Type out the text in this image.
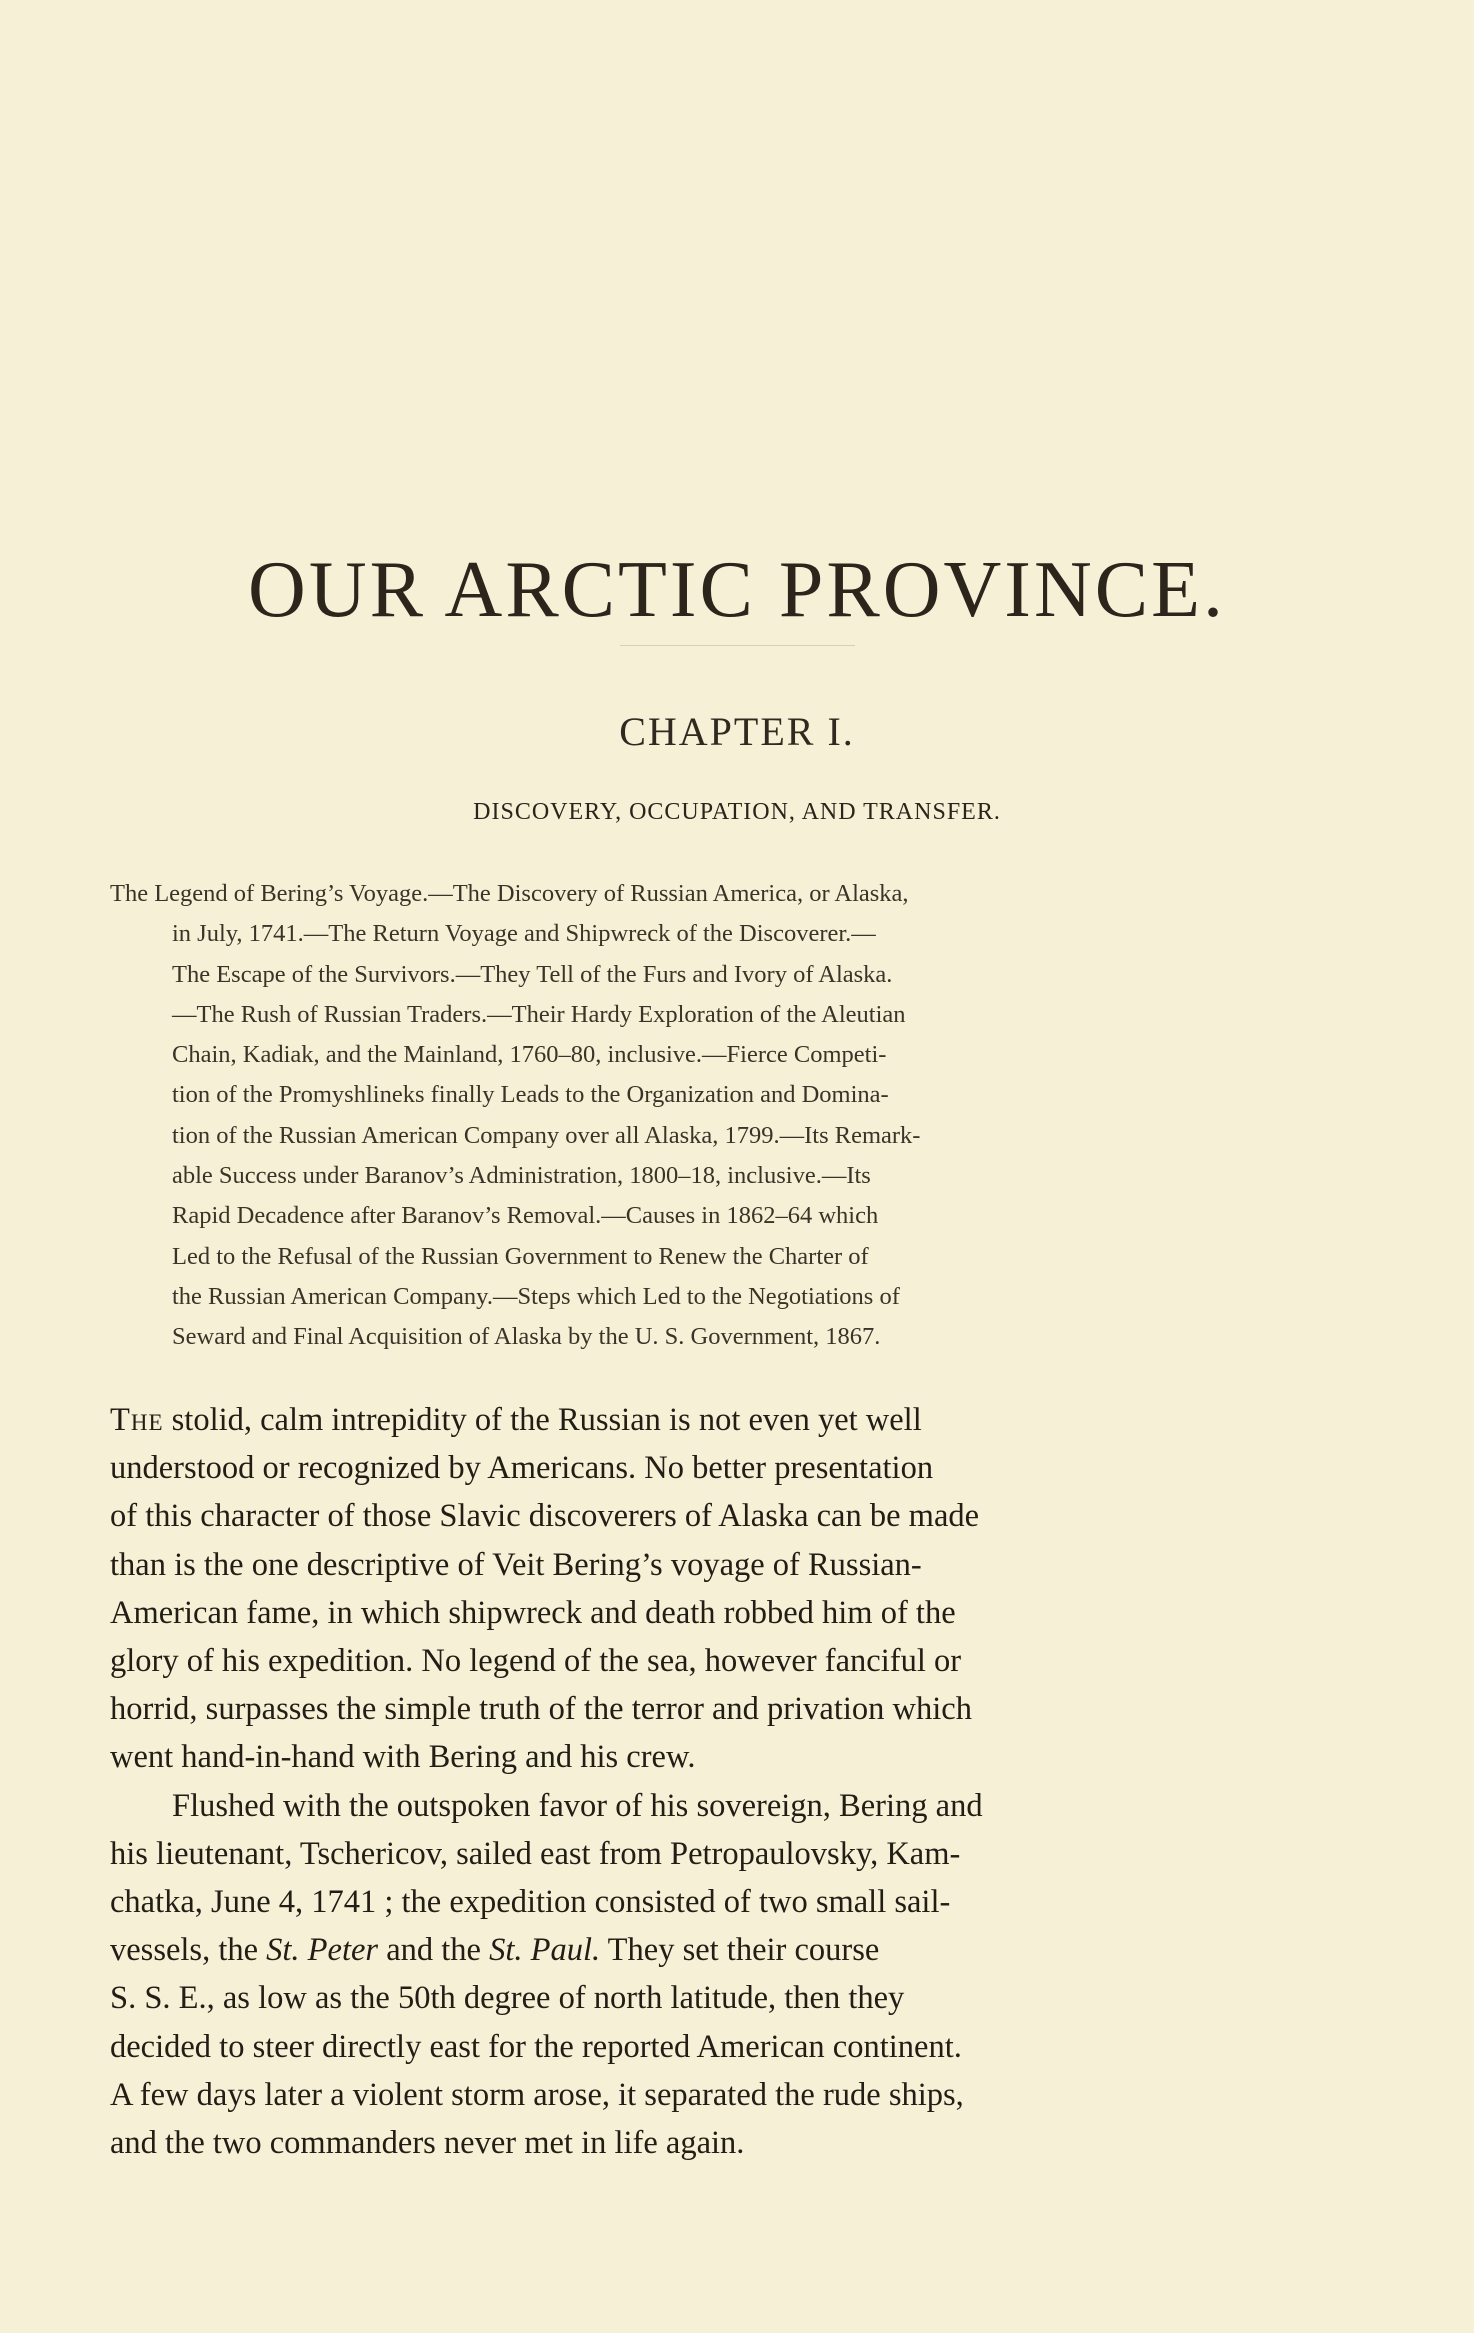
OUR ARCTIC PROVINCE.
CHAPTER I.
DISCOVERY, OCCUPATION, AND TRANSFER.
The Legend of Bering’s Voyage.—The Discovery of Russian America, or Alaska,
in July, 1741.—The Return Voyage and Shipwreck of the Discoverer.—
The Escape of the Survivors.—They Tell of the Furs and Ivory of Alaska.
—The Rush of Russian Traders.—Their Hardy Exploration of the Aleutian
Chain, Kadiak, and the Mainland, 1760–80, inclusive.—Fierce Competi-
tion of the Promyshlineks finally Leads to the Organization and Domina-
tion of the Russian American Company over all Alaska, 1799.—Its Remark-
able Success under Baranov’s Administration, 1800–18, inclusive.—Its
Rapid Decadence after Baranov’s Removal.—Causes in 1862–64 which
Led to the Refusal of the Russian Government to Renew the Charter of
the Russian American Company.—Steps which Led to the Negotiations of
Seward and Final Acquisition of Alaska by the U. S. Government, 1867.
The stolid, calm intrepidity of the Russian is not even yet well
understood or recognized by Americans. No better presentation
of this character of those Slavic discoverers of Alaska can be made
than is the one descriptive of Veit Bering’s voyage of Russian-
American fame, in which shipwreck and death robbed him of the
glory of his expedition. No legend of the sea, however fanciful or
horrid, surpasses the simple truth of the terror and privation which
went hand-in-hand with Bering and his crew.
Flushed with the outspoken favor of his sovereign, Bering and
his lieutenant, Tschericov, sailed east from Petropaulovsky, Kam-
chatka, June 4, 1741 ; the expedition consisted of two small sail-
vessels, the St. Peter and the St. Paul. They set their course
S. S. E., as low as the 50th degree of north latitude, then they
decided to steer directly east for the reported American continent.
A few days later a violent storm arose, it separated the rude ships,
and the two commanders never met in life again.
